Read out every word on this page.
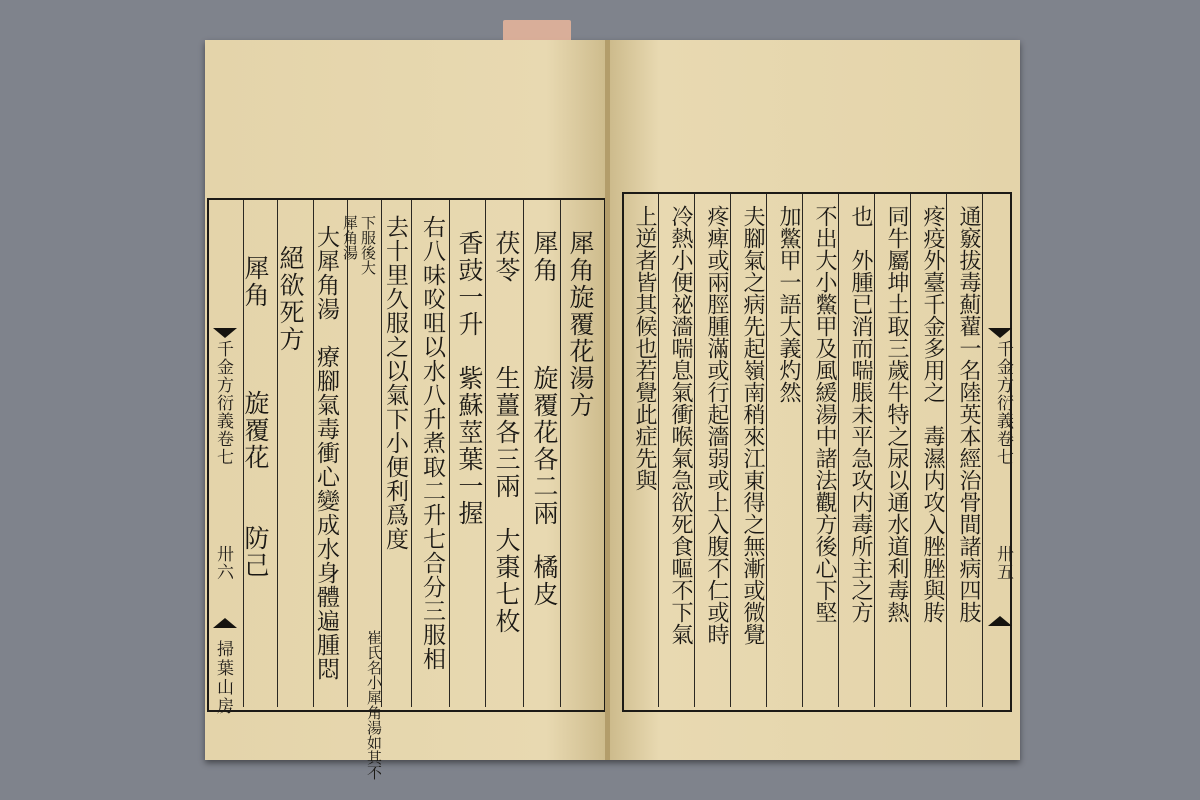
千金方衍義卷七
卅六
掃葉山房
犀角旋覆花湯方
犀角　　　旋覆花各二兩　橘皮
茯苓　　　生薑各三兩　大棗七枚
香豉一升　紫蘇莖葉一握
右八味㕮咀以水八升煮取二升七合分三服相
去十里久服之以氣下小便利爲度
崔氏名小犀角湯如其不
下服後大
犀角湯
大犀角湯　療腳氣毒衝心變成水身體遍腫悶
絕欲死方
犀角　　　旋覆花　　防己	通竅拔毒薊藋一名陸英本經治骨間諸病四肢
疼疫外臺千金多用之　毒濕内攻入脞脞與䏝
同牛屬坤土取三歲牛特之尿以通水道利毒熱
也　外腫已消而喘脹未平急攻内毒所主之方
不出大小鱉甲及風緩湯中諸法觀方後心下堅
加鱉甲一語大義灼然
夫腳氣之病先起嶺南稍來江東得之無漸或微覺
疼痺或兩脛腫滿或行起濇弱或上入腹不仁或時
冷熱小便祕濇喘息氣衝喉氣急欲死食嘔不下氣
上逆者皆其候也若覺此症先與	千金方衍義卷七
卅五
